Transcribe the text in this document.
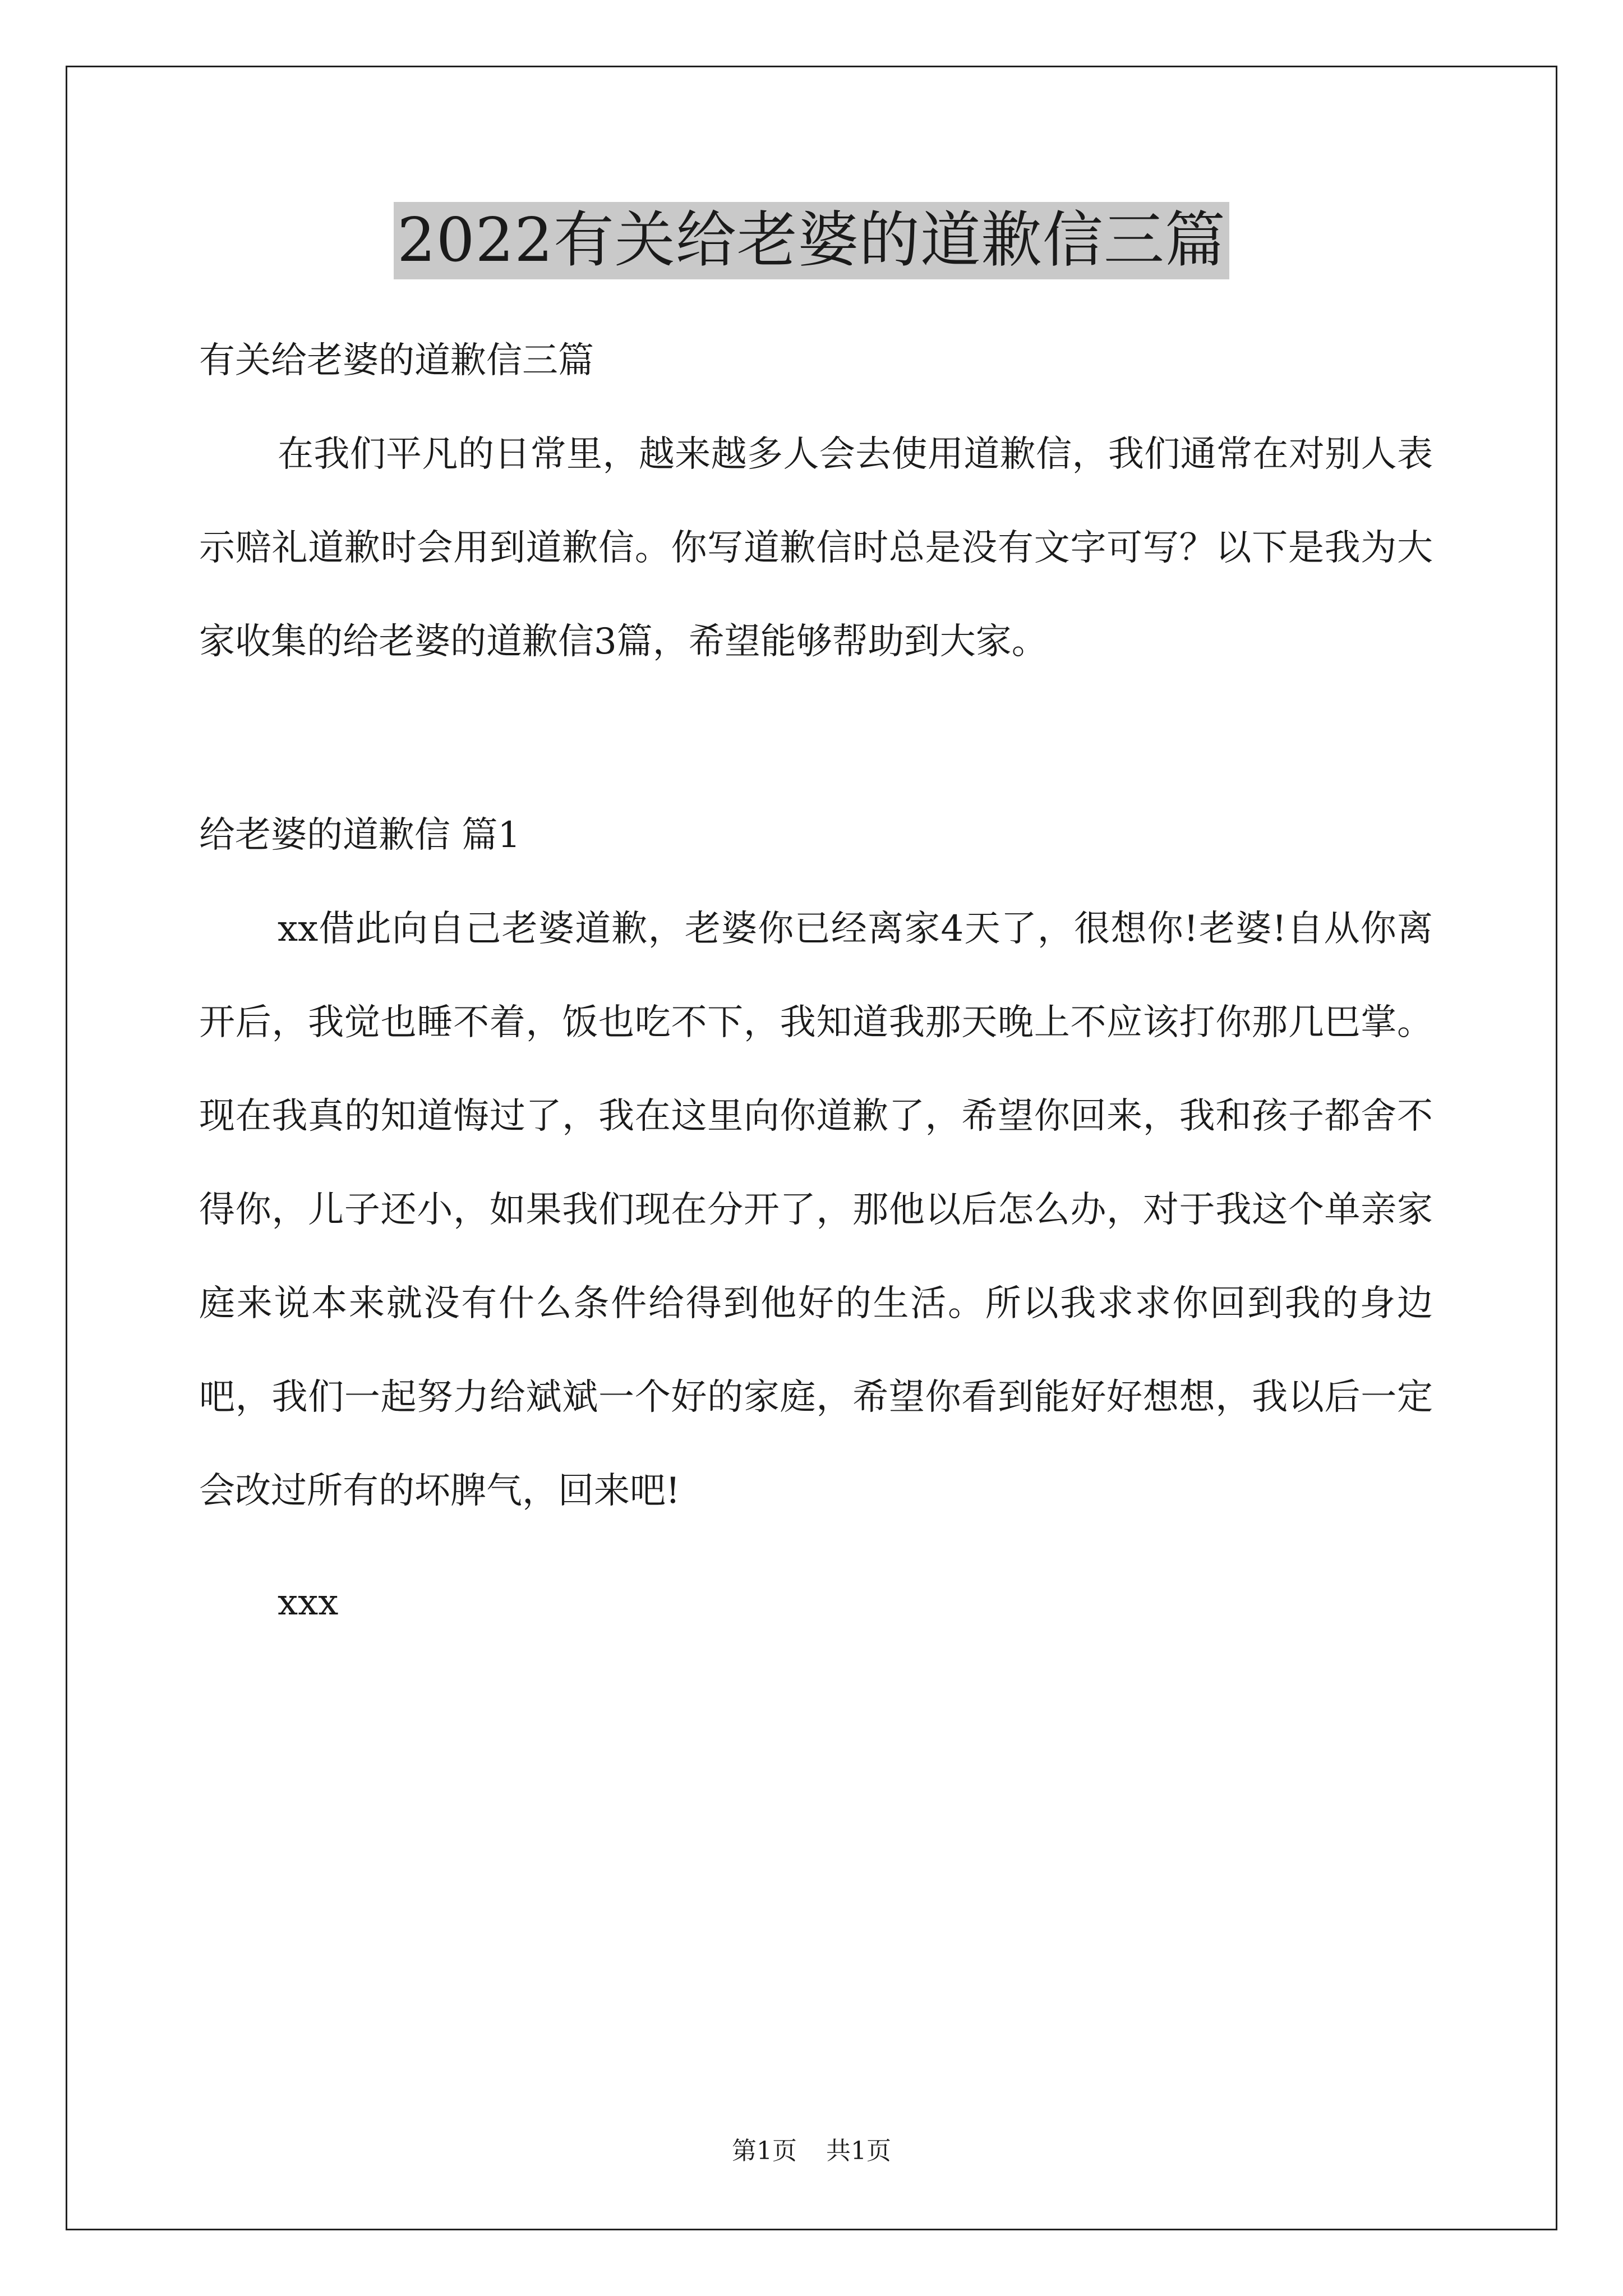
2022有关给老婆的道歉信三篇

有关给老婆的道歉信三篇

在我们平凡的日常里，越来越多人会去使用道歉信，我们通常在对别人表示赔礼道歉时会用到道歉信。你写道歉信时总是没有文字可写？以下是我为大家收集的给老婆的道歉信3篇，希望能够帮助到大家。

给老婆的道歉信 篇1

xx借此向自己老婆道歉，老婆你已经离家4天了，很想你!老婆!自从你离开后，我觉也睡不着，饭也吃不下，我知道我那天晚上不应该打你那几巴掌。现在我真的知道悔过了，我在这里向你道歉了，希望你回来，我和孩子都舍不得你，儿子还小，如果我们现在分开了，那他以后怎么办，对于我这个单亲家庭来说本来就没有什么条件给得到他好的生活。所以我求求你回到我的身边吧，我们一起努力给斌斌一个好的家庭，希望你看到能好好想想，我以后一定会改过所有的坏脾气，回来吧!

xxx

第1页 共1页
